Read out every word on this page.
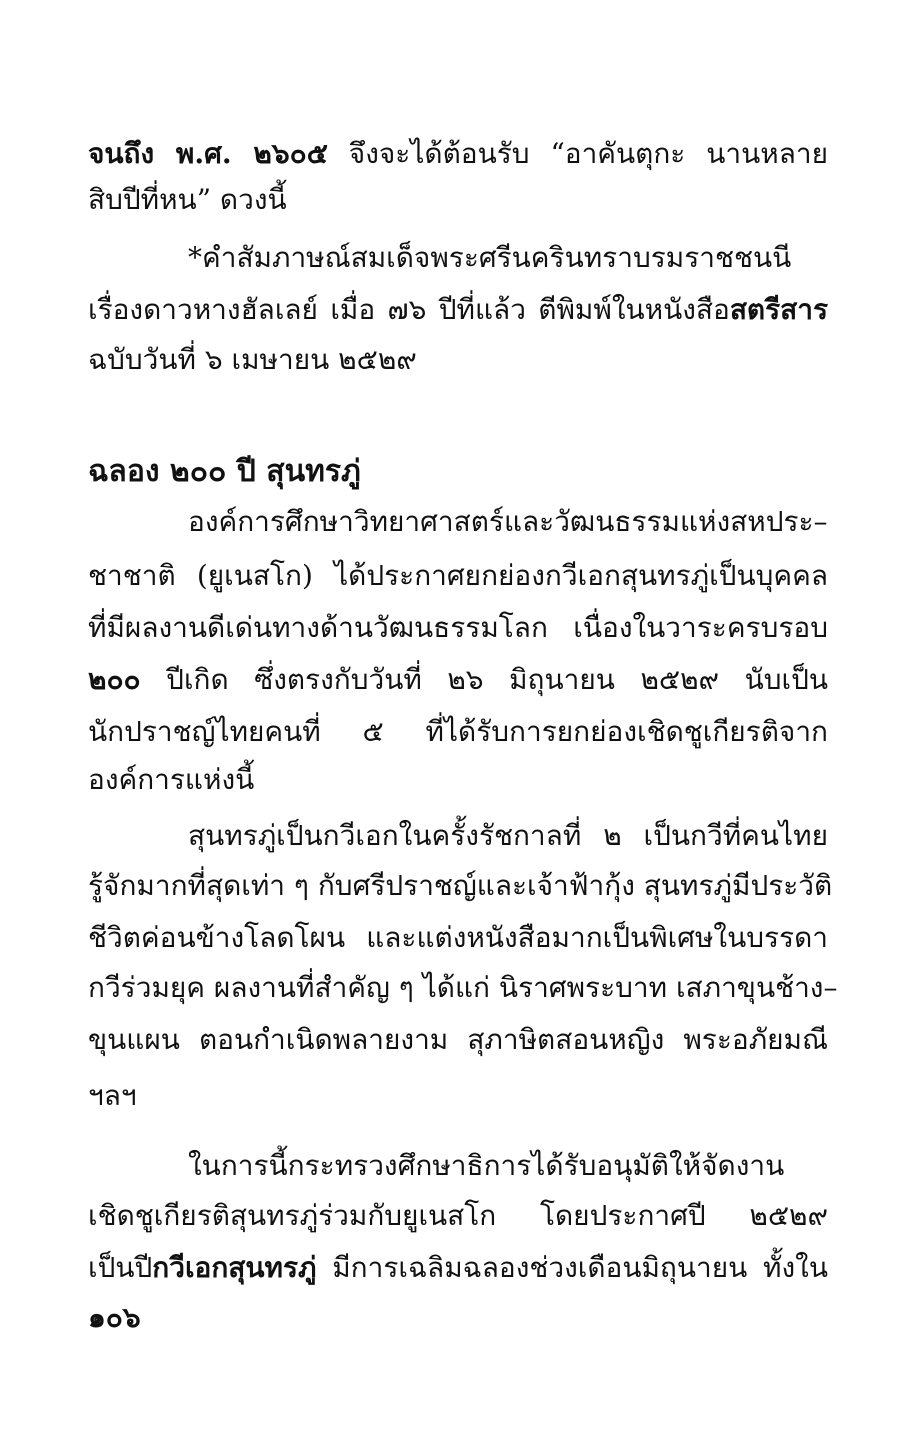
จนถึง พ.ศ. ๒๖๐๕ จึงจะได้ต้อนรับ “อาคันตุกะ นานหลาย
สิบปีที่หน” ดวงนี้
*คำสัมภาษณ์สมเด็จพระศรีนครินทราบรมราชชนนี
เรื่องดาวหางฮัลเลย์ เมื่อ ๗๖ ปีที่แล้ว ตีพิมพ์ในหนังสือสตรีสาร
ฉบับวันที่ ๖ เมษายน ๒๕๒๙
ฉลอง ๒๐๐ ปี สุนทรภู่
องค์การศึกษาวิทยาศาสตร์และวัฒนธรรมแห่งสหประ–
ชาชาติ (ยูเนสโก) ได้ประกาศยกย่องกวีเอกสุนทรภู่เป็นบุคคล
ที่มีผลงานดีเด่นทางด้านวัฒนธรรมโลก เนื่องในวาระครบรอบ
๒๐๐ ปีเกิด ซึ่งตรงกับวันที่ ๒๖ มิถุนายน ๒๕๒๙ นับเป็น
นักปราชญ์ไทยคนที่ ๕ ที่ได้รับการยกย่องเชิดชูเกียรติจาก
องค์การแห่งนี้
สุนทรภู่เป็นกวีเอกในครั้งรัชกาลที่ ๒ เป็นกวีที่คนไทย
รู้จักมากที่สุดเท่า ๆ กับศรีปราชญ์และเจ้าฟ้ากุ้ง สุนทรภู่มีประวัติ
ชีวิตค่อนข้างโลดโผน และแต่งหนังสือมากเป็นพิเศษในบรรดา
กวีร่วมยุค ผลงานที่สำคัญ ๆ ได้แก่ นิราศพระบาท เสภาขุนช้าง–
ขุนแผน ตอนกำเนิดพลายงาม สุภาษิตสอนหญิง พระอภัยมณี
ฯลฯ
ในการนี้กระทรวงศึกษาธิการได้รับอนุมัติให้จัดงาน
เชิดชูเกียรติสุนทรภู่ร่วมกับยูเนสโก โดยประกาศปี ๒๕๒๙
เป็นปีกวีเอกสุนทรภู่ มีการเฉลิมฉลองช่วงเดือนมิถุนายน ทั้งใน
๑๐๖
